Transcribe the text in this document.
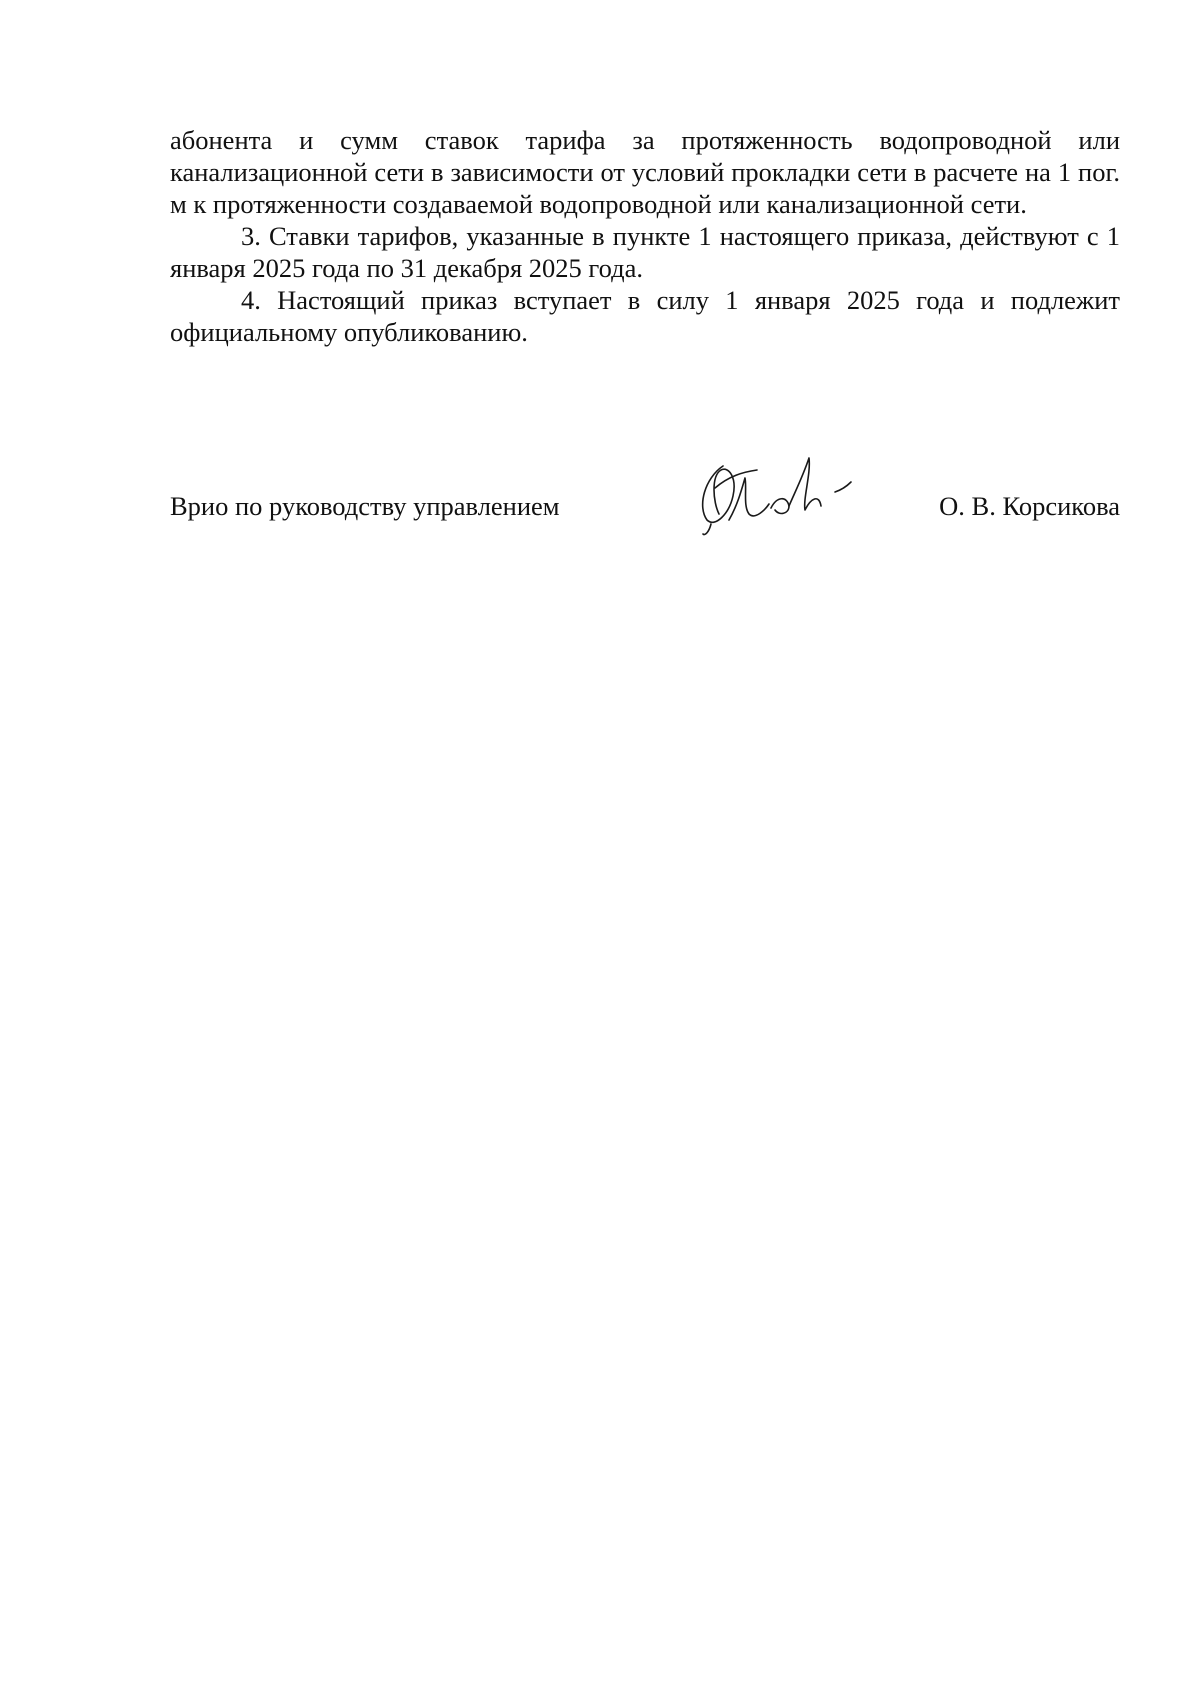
абонента и сумм ставок тарифа за протяженность водопроводной или канализационной сети в зависимости от условий прокладки сети в расчете на 1 пог. м к протяженности создаваемой водопроводной или канализационной сети.

3. Ставки тарифов, указанные в пункте 1 настоящего приказа, действуют с 1 января 2025 года по 31 декабря 2025 года.

4. Настоящий приказ вступает в силу 1 января 2025 года и подлежит официальному опубликованию.

Врио по руководству управлением	О. В. Корсикова
